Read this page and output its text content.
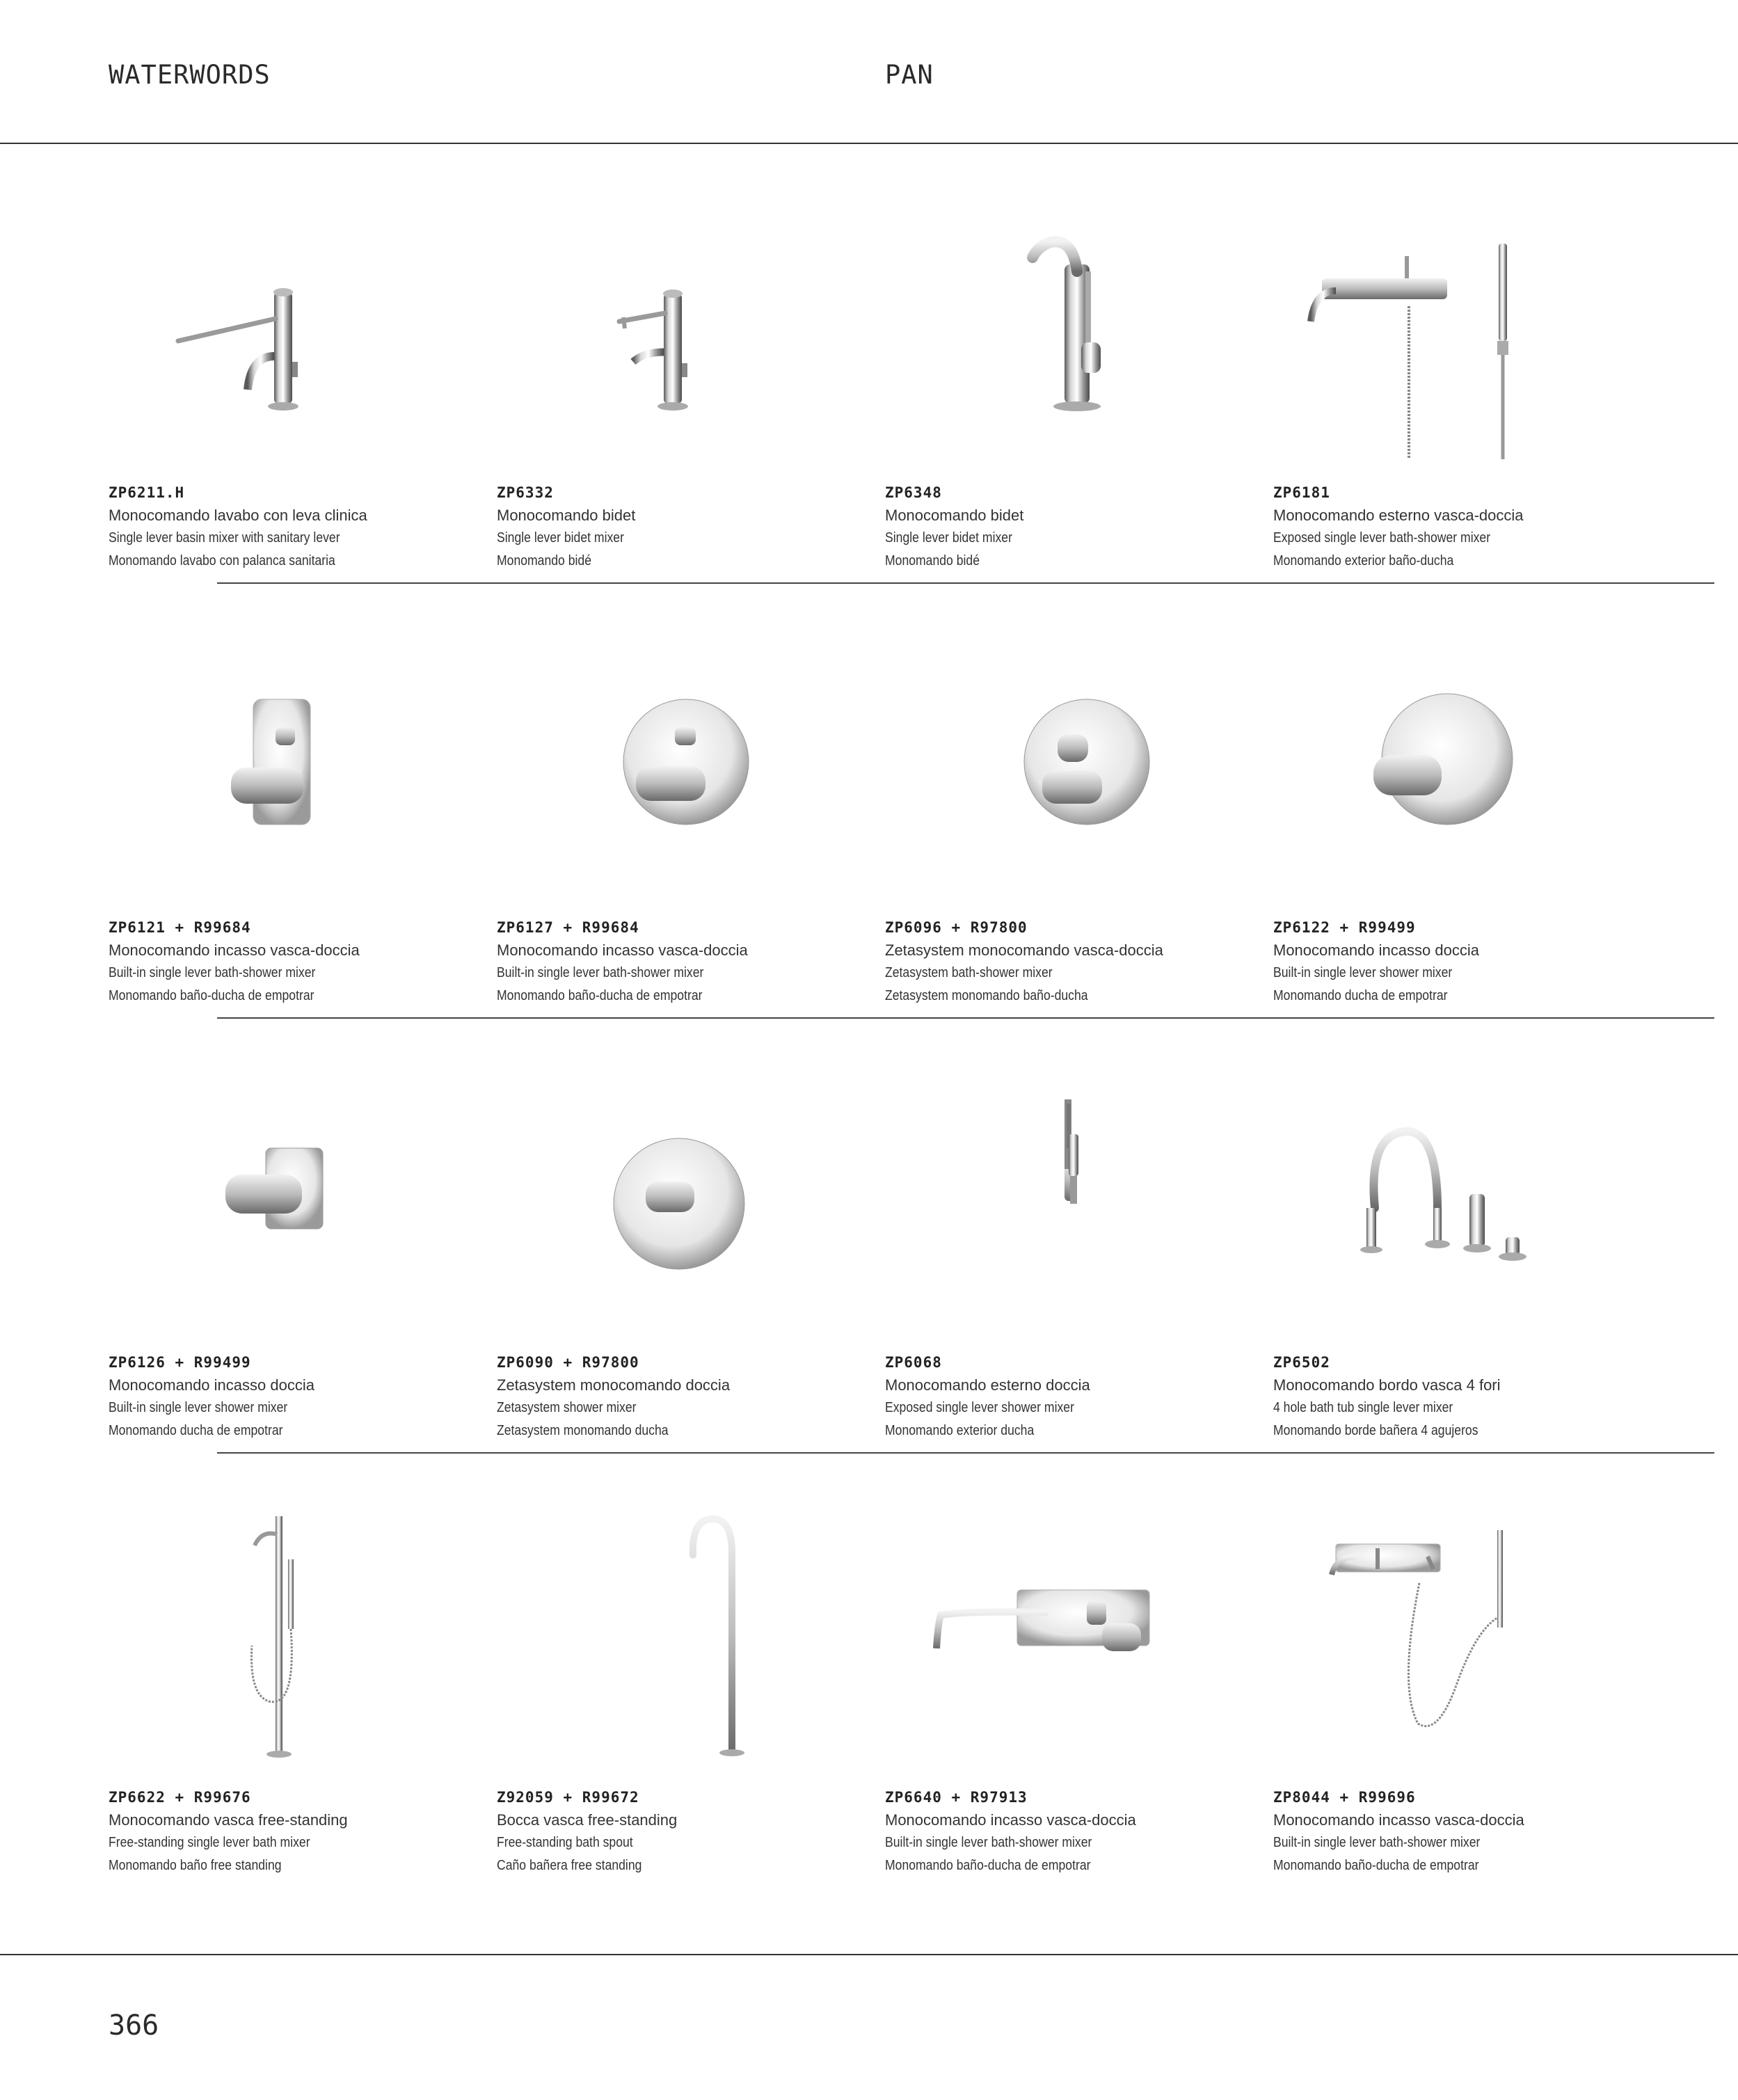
WATERWORDS	PAN
ZP6211.H
Monocomando lavabo con leva clinica
Single lever basin mixer with sanitary lever
Monomando lavabo con palanca sanitaria
ZP6332
Monocomando bidet
Single lever bidet mixer
Monomando bidé
ZP6348
Monocomando bidet
Single lever bidet mixer
Monomando bidé
ZP6181
Monocomando esterno vasca-doccia
Exposed single lever bath-shower mixer
Monomando exterior baño-ducha
ZP6121 + R99684
Monocomando incasso vasca-doccia
Built-in single lever bath-shower mixer
Monomando baño-ducha de empotrar
ZP6127 + R99684
Monocomando incasso vasca-doccia
Built-in single lever bath-shower mixer
Monomando baño-ducha de empotrar
ZP6096 + R97800
Zetasystem monocomando vasca-doccia
Zetasystem bath-shower mixer
Zetasystem monomando baño-ducha
ZP6122 + R99499
Monocomando incasso doccia
Built-in single lever shower mixer
Monomando ducha de empotrar
ZP6126 + R99499
Monocomando incasso doccia
Built-in single lever shower mixer
Monomando ducha de empotrar
ZP6090 + R97800
Zetasystem monocomando doccia
Zetasystem shower mixer
Zetasystem monomando ducha
ZP6068
Monocomando esterno doccia
Exposed single lever shower mixer
Monomando exterior ducha
ZP6502
Monocomando bordo vasca 4 fori
4 hole bath tub single lever mixer
Monomando borde bañera 4 agujeros
ZP6622 + R99676
Monocomando vasca free-standing
Free-standing single lever bath mixer
Monomando baño free standing
Z92059 + R99672
Bocca vasca free-standing
Free-standing bath spout
Caño bañera free standing
ZP6640 + R97913
Monocomando incasso vasca-doccia
Built-in single lever bath-shower mixer
Monomando baño-ducha de empotrar
ZP8044 + R99696
Monocomando incasso vasca-doccia
Built-in single lever bath-shower mixer
Monomando baño-ducha de empotrar
366
